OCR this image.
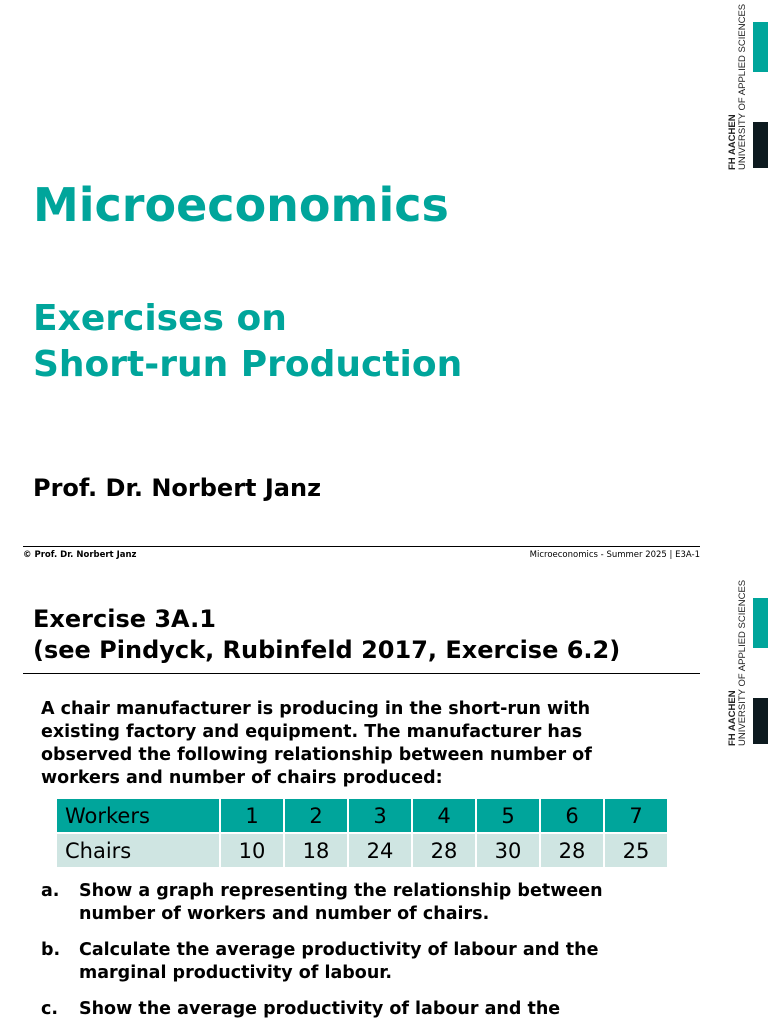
FH AACHEN UNIVERSITY OF APPLIED SCIENCES
Microeconomics
Exercises on
Short-run Production

Prof. Dr. Norbert Janz

© Prof. Dr. Norbert Janz	Microeconomics - Summer 2025 | E3A-1
FH AACHEN UNIVERSITY OF APPLIED SCIENCES
Exercise 3A.1
(see Pindyck, Rubinfeld 2017, Exercise 6.2)

A chair manufacturer is producing in the short-run with existing factory and equipment. The manufacturer has observed the following relationship between number of workers and number of chairs produced:

Workers	1	2	3	4	5	6	7
Chairs	10	18	24	28	30	28	25
a.	Show a graph representing the relationship between number of workers and number of chairs.
b.	Calculate the average productivity of labour and the marginal productivity of labour.
c.	Show the average productivity of labour and the
